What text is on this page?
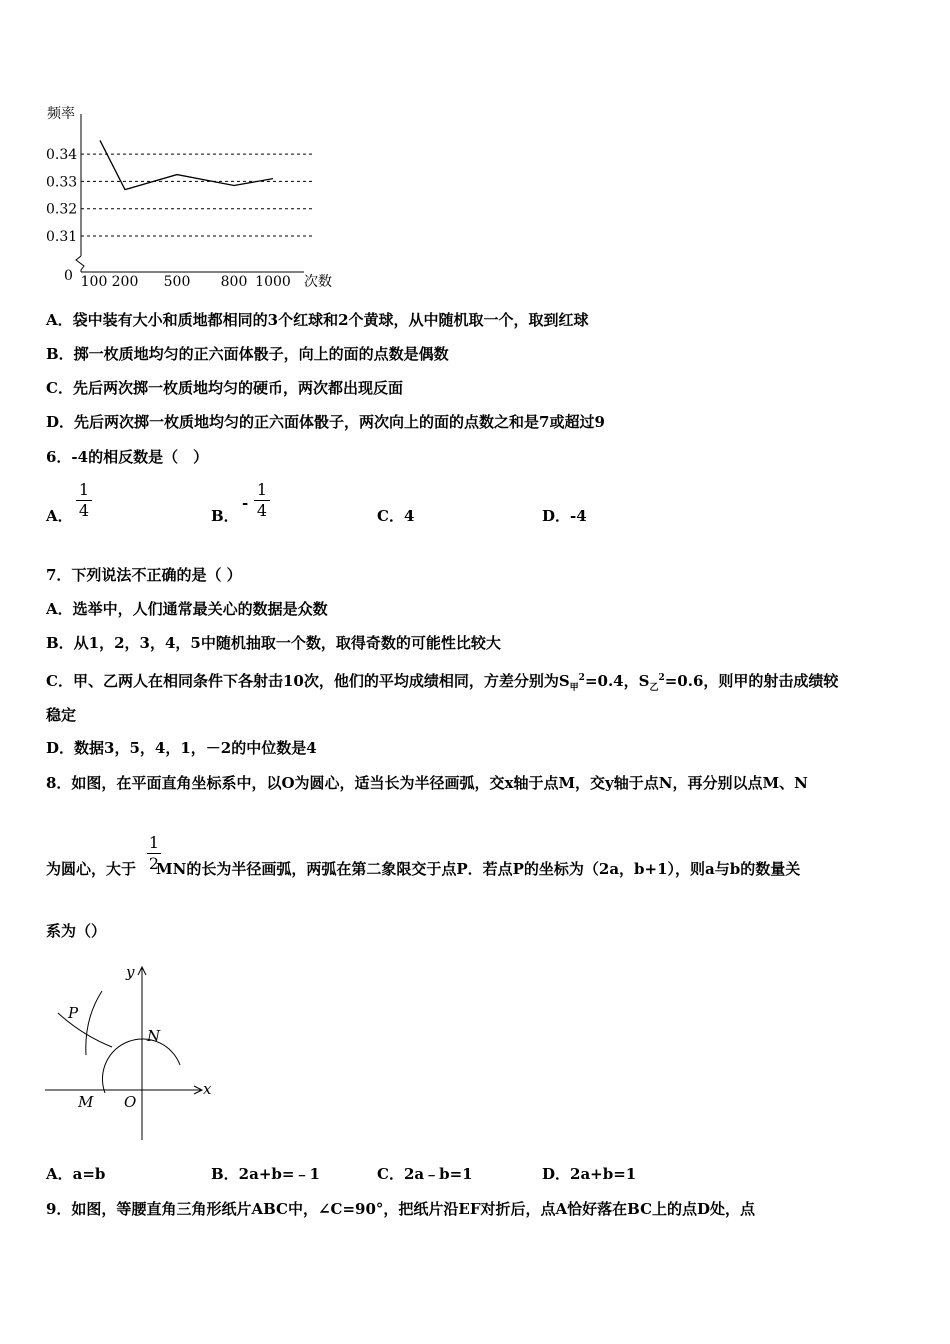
频率
次数
0
0.31
0.32
0.33
0.34
100 200 500 800 1000
A．袋中装有大小和质地都相同的3个红球和2个黄球，从中随机取一个，取到红球
B．掷一枚质地均匀的正六面体骰子，向上的面的点数是偶数
C．先后两次掷一枚质地均匀的硬币，两次都出现反面
D．先后两次掷一枚质地均匀的正六面体骰子，两次向上的面的点数之和是7或超过9
6．-4的相反数是（　）
A．
1
4	B．
-
1
4	C．4	D．-4
7．下列说法不正确的是（ ）
A．选举中，人们通常最关心的数据是众数
B．从1，2，3，4，5中随机抽取一个数，取得奇数的可能性比较大
C．甲、乙两人在相同条件下各射击10次，他们的平均成绩相同，方差分别为$S_甲^2=0.4$，$S_乙^2=0.6$，则甲的射击成绩较
稳定
D．数据3，5，4，1，－2的中位数是4
8．如图，在平面直角坐标系中，以O为圆心，适当长为半径画弧，交x轴于点M，交y轴于点N，再分别以点M、N
为圆心，大于 MN的长为半径画弧，两弧在第二象限交于点P．若点P的坐标为（2a，b+1），则a与b的数量关
1
2
系为（）
y
x
P
N
M O
A．a=b	B．2a+b=﹣1	C．2a﹣b=1	D．2a+b=1
9．如图，等腰直角三角形纸片ABC中，∠C=90°，把纸片沿EF对折后，点A恰好落在BC上的点D处，点
